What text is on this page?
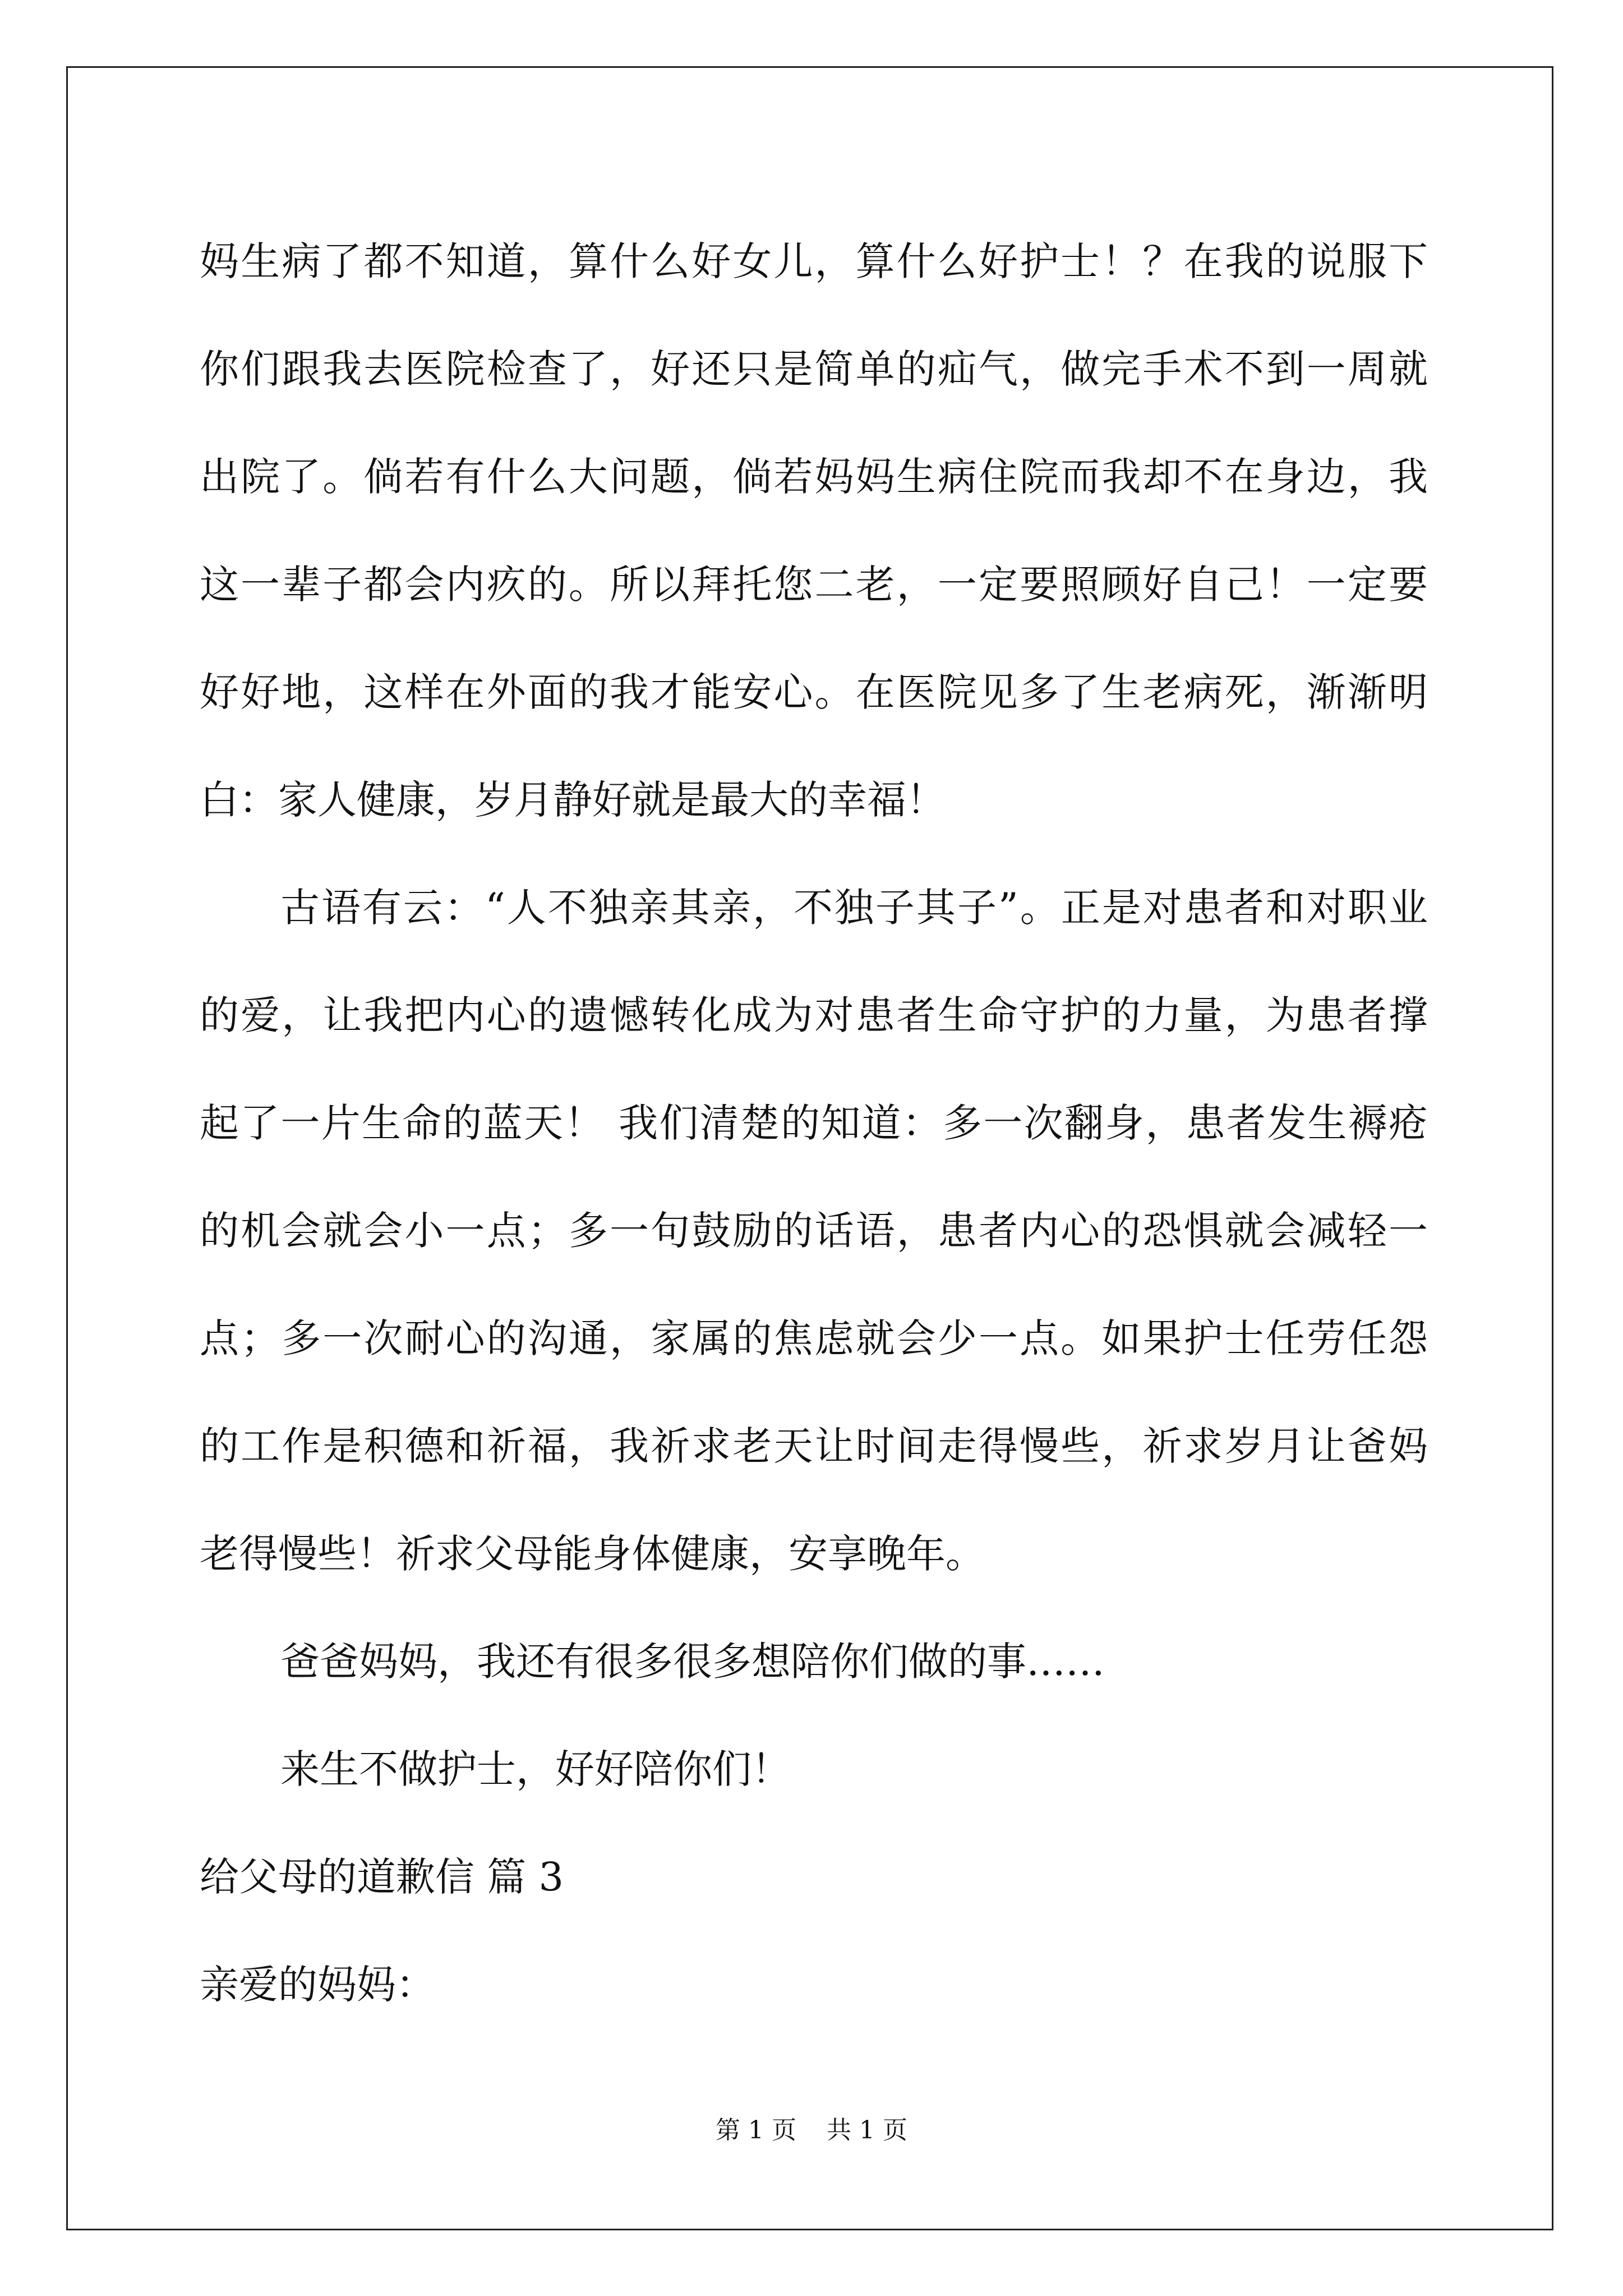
妈生病了都不知道，算什么好女儿，算什么好护士！？在我的说服下
你们跟我去医院检查了，好还只是简单的疝气，做完手术不到一周就
出院了。倘若有什么大问题，倘若妈妈生病住院而我却不在身边，我
这一辈子都会内疚的。所以拜托您二老，一定要照顾好自己！一定要
好好地，这样在外面的我才能安心。在医院见多了生老病死，渐渐明
白：家人健康，岁月静好就是最大的幸福！
古语有云：“人不独亲其亲，不独子其子”。正是对患者和对职业
的爱，让我把内心的遗憾转化成为对患者生命守护的力量，为患者撑
起了一片生命的蓝天！ 我们清楚的知道：多一次翻身，患者发生褥疮
的机会就会小一点；多一句鼓励的话语，患者内心的恐惧就会减轻一
点；多一次耐心的沟通，家属的焦虑就会少一点。如果护士任劳任怨
的工作是积德和祈福，我祈求老天让时间走得慢些，祈求岁月让爸妈
老得慢些！祈求父母能身体健康，安享晚年。
爸爸妈妈，我还有很多很多想陪你们做的事……
来生不做护士，好好陪你们！
给父母的道歉信 篇 3
亲爱的妈妈：
第 1 页 共 1 页
